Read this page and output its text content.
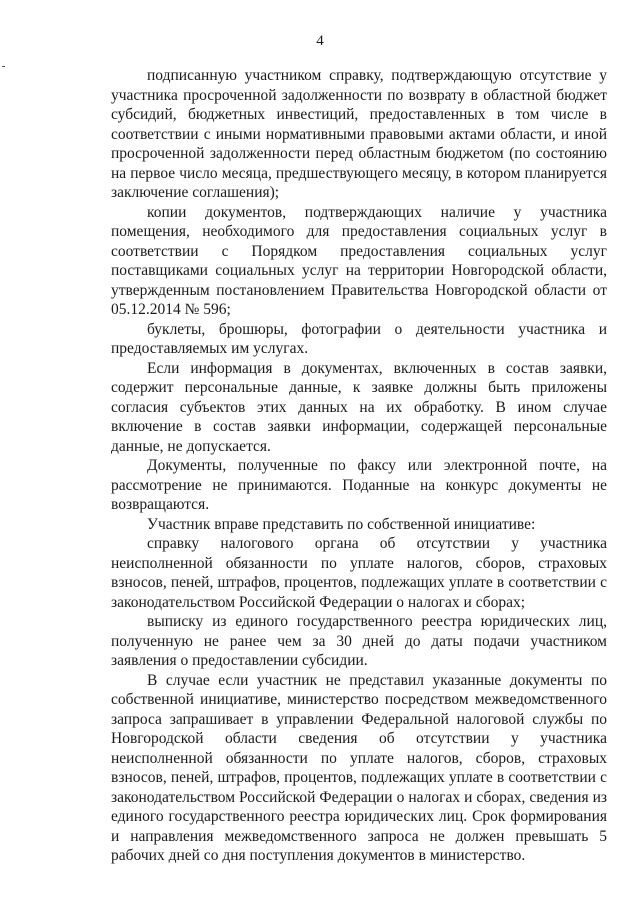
4

подписанную участником справку, подтверждающую отсутствие у участника просроченной задолженности по возврату в областной бюджет субсидий, бюджетных инвестиций, предоставленных в том числе в соответствии с иными нормативными правовыми актами области, и иной просроченной задолженности перед областным бюджетом (по состоянию на первое число месяца, предшествующего месяцу, в котором планируется заключение соглашения);

копии документов, подтверждающих наличие у участника помещения, необходимого для предоставления социальных услуг в соответствии с Порядком предоставления социальных услуг поставщиками социальных услуг на территории Новгородской области, утвержденным постановлением Правительства Новгородской области от 05.12.2014 № 596;

буклеты, брошюры, фотографии о деятельности участника и предоставляемых им услугах.

Если информация в документах, включенных в состав заявки, содержит персональные данные, к заявке должны быть приложены согласия субъектов этих данных на их обработку. В ином случае включение в состав заявки информации, содержащей персональные данные, не допускается.

Документы, полученные по факсу или электронной почте, на рассмотрение не принимаются. Поданные на конкурс документы не возвращаются.

Участник вправе представить по собственной инициативе:

справку налогового органа об отсутствии у участника неисполненной обязанности по уплате налогов, сборов, страховых взносов, пеней, штрафов, процентов, подлежащих уплате в соответствии с законодательством Российской Федерации о налогах и сборах;

выписку из единого государственного реестра юридических лиц, полученную не ранее чем за 30 дней до даты подачи участником заявления о предоставлении субсидии.

В случае если участник не представил указанные документы по собственной инициативе, министерство посредством межведомственного запроса запрашивает в управлении Федеральной налоговой службы по Новгородской области сведения об отсутствии у участника неисполненной обязанности по уплате налогов, сборов, страховых взносов, пеней, штрафов, процентов, подлежащих уплате в соответствии с законодательством Российской Федерации о налогах и сборах, сведения из единого государственного реестра юридических лиц. Срок формирования и направления межведомственного запроса не должен превышать 5 рабочих дней со дня поступления документов в министерство.
